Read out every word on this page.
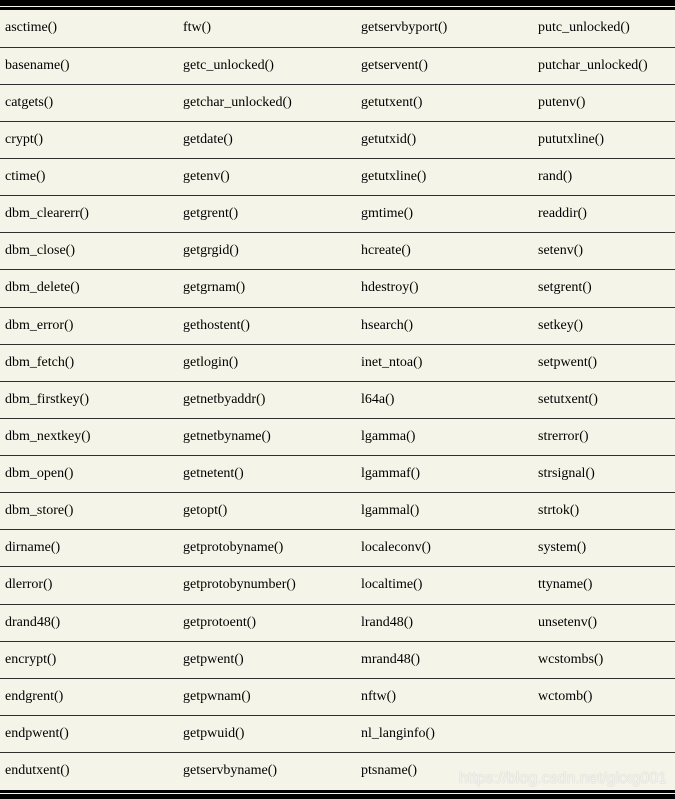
asctime()	ftw()	getservbyport()	putc_unlocked()
basename()	getc_unlocked()	getservent()	putchar_unlocked()
catgets()	getchar_unlocked()	getutxent()	putenv()
crypt()	getdate()	getutxid()	pututxline()
ctime()	getenv()	getutxline()	rand()
dbm_clearerr()	getgrent()	gmtime()	readdir()
dbm_close()	getgrgid()	hcreate()	setenv()
dbm_delete()	getgrnam()	hdestroy()	setgrent()
dbm_error()	gethostent()	hsearch()	setkey()
dbm_fetch()	getlogin()	inet_ntoa()	setpwent()
dbm_firstkey()	getnetbyaddr()	l64a()	setutxent()
dbm_nextkey()	getnetbyname()	lgamma()	strerror()
dbm_open()	getnetent()	lgammaf()	strsignal()
dbm_store()	getopt()	lgammal()	strtok()
dirname()	getprotobyname()	localeconv()	system()
dlerror()	getprotobynumber()	localtime()	ttyname()
drand48()	getprotoent()	lrand48()	unsetenv()
encrypt()	getpwent()	mrand48()	wcstombs()
endgrent()	getpwnam()	nftw()	wctomb()
endpwent()	getpwuid()	nl_langinfo()	
endutxent()	getservbyname()	ptsname()		https://blog.csdn.net/gkxg001
